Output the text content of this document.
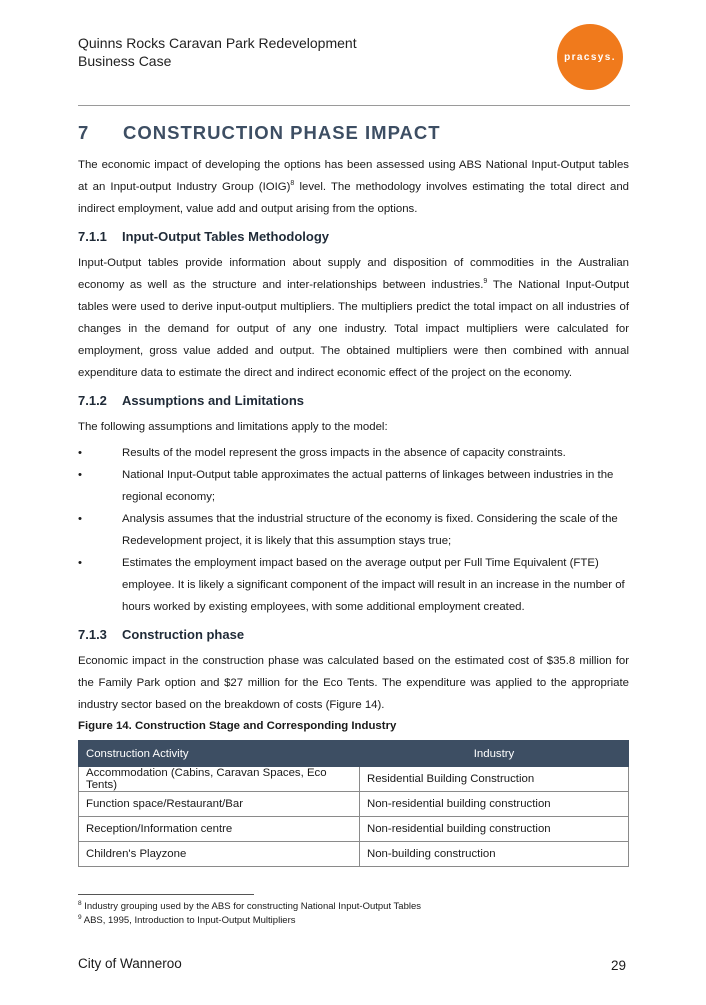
Quinns Rocks Caravan Park Redevelopment
Business Case	pracsys.
7	CONSTRUCTION PHASE IMPACT

The economic impact of developing the options has been assessed using ABS National Input-Output tables at an Input-output Industry Group (IOIG)$^8$ level. The methodology involves estimating the total direct and indirect employment, value add and output arising from the options.

7.1.1	Input-Output Tables Methodology

Input-Output tables provide information about supply and disposition of commodities in the Australian economy as well as the structure and inter-relationships between industries.$^9$ The National Input-Output tables were used to derive input-output multipliers. The multipliers predict the total impact on all industries of changes in the demand for output of any one industry. Total impact multipliers were calculated for employment, gross value added and output. The obtained multipliers were then combined with annual expenditure data to estimate the direct and indirect economic effect of the project on the economy.

7.1.2	Assumptions and Limitations

The following assumptions and limitations apply to the model:

•	Results of the model represent the gross impacts in the absence of capacity constraints.
•	National Input-Output table approximates the actual patterns of linkages between industries in the regional economy;
•	Analysis assumes that the industrial structure of the economy is fixed. Considering the scale of the Redevelopment project, it is likely that this assumption stays true;
•	Estimates the employment impact based on the average output per Full Time Equivalent (FTE) employee. It is likely a significant component of the impact will result in an increase in the number of hours worked by existing employees, with some additional employment created.
7.1.3	Construction phase

Economic impact in the construction phase was calculated based on the estimated cost of $35.8 million for the Family Park option and $27 million for the Eco Tents. The expenditure was applied to the appropriate industry sector based on the breakdown of costs (Figure 14).

Figure 14. Construction Stage and Corresponding Industry
Construction Activity	Industry
Accommodation (Cabins, Caravan Spaces, Eco Tents)	Residential Building Construction
Function space/Restaurant/Bar	Non-residential building construction
Reception/Information centre	Non-residential building construction
Children's Playzone	Non-building construction
$^8$ Industry grouping used by the ABS for constructing National Input-Output Tables
$^9$ ABS, 1995, Introduction to Input-Output Multipliers
City of Wanneroo	29
